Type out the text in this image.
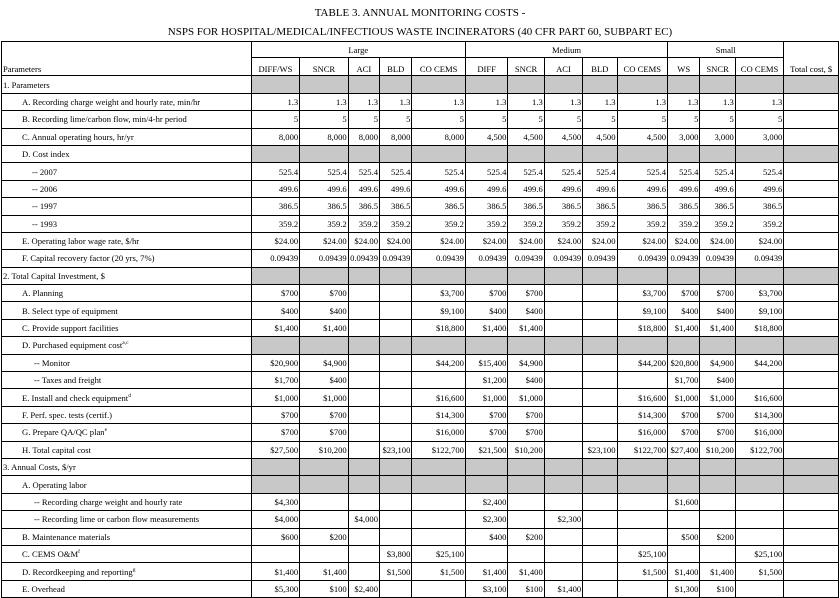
TABLE 3. ANNUAL MONITORING COSTS -
NSPS FOR HOSPITAL/MEDICAL/INFECTIOUS WASTE INCINERATORS (40 CFR PART 60, SUBPART EC)
Parameters	Large					Medium					Small			Total cost, $
	DIFF/WS	SNCR	ACI	BLD	CO CEMS	DIFF	SNCR	ACI	BLD	CO CEMS	WS	SNCR	CO CEMS	
1. Parameters														
A. Recording charge weight and hourly rate, min/hr	1.3	1.3	1.3	1.3	1.3	1.3	1.3	1.3	1.3	1.3	1.3	1.3	1.3	
B. Recording lime/carbon flow, min/4-hr period	5	5	5	5	5	5	5	5	5	5	5	5	5	
C. Annual operating hours, hr/yr	8,000	8,000	8,000	8,000	8,000	4,500	4,500	4,500	4,500	4,500	3,000	3,000	3,000	
D. Cost index														
-- 2007	525.4	525.4	525.4	525.4	525.4	525.4	525.4	525.4	525.4	525.4	525.4	525.4	525.4	
-- 2006	499.6	499.6	499.6	499.6	499.6	499.6	499.6	499.6	499.6	499.6	499.6	499.6	499.6	
-- 1997	386.5	386.5	386.5	386.5	386.5	386.5	386.5	386.5	386.5	386.5	386.5	386.5	386.5	
-- 1993	359.2	359.2	359.2	359.2	359.2	359.2	359.2	359.2	359.2	359.2	359.2	359.2	359.2	
E. Operating labor wage rate, $/hr	$24.00	$24.00	$24.00	$24.00	$24.00	$24.00	$24.00	$24.00	$24.00	$24.00	$24.00	$24.00	$24.00	
F. Capital recovery factor (20 yrs, 7%)	0.09439	0.09439	0.09439	0.09439	0.09439	0.09439	0.09439	0.09439	0.09439	0.09439	0.09439	0.09439	0.09439	
2. Total Capital Investment, $														
A. Planning	$700	$700			$3,700	$700	$700			$3,700	$700	$700	$3,700	
B. Select type of equipment	$400	$400			$9,100	$400	$400			$9,100	$400	$400	$9,100	
C. Provide support facilities	$1,400	$1,400			$18,800	$1,400	$1,400			$18,800	$1,400	$1,400	$18,800	
D. Purchased equipment cost$^{a,c}$														
-- Monitor	$20,900	$4,900			$44,200	$15,400	$4,900			$44,200	$20,800	$4,900	$44,200	
-- Taxes and freight	$1,700	$400				$1,200	$400				$1,700	$400		
E. Install and check equipment$^d$	$1,000	$1,000			$16,600	$1,000	$1,000			$16,600	$1,000	$1,000	$16,600	
F. Perf. spec. tests (certif.)	$700	$700			$14,300	$700	$700			$14,300	$700	$700	$14,300	
G. Prepare QA/QC plan$^e$	$700	$700			$16,000	$700	$700			$16,000	$700	$700	$16,000	
H. Total capital cost	$27,500	$10,200		$23,100	$122,700	$21,500	$10,200		$23,100	$122,700	$27,400	$10,200	$122,700	
3. Annual Costs, $/yr														
A. Operating labor														
-- Recording charge weight and hourly rate	$4,300					$2,400					$1,600			
-- Recording lime or carbon flow measurements	$4,000		$4,000			$2,300		$2,300						
B. Maintenance materials	$600	$200				$400	$200				$500	$200		
C. CEMS $O\&M^f$				$3,800	$25,100					$25,100			$25,100	
D. Recordkeeping and reporting$^g$	$1,400	$1,400		$1,500	$1,500	$1,400	$1,400			$1,500	$1,400	$1,400	$1,500	
E. Overhead	$5,300	$100	$2,400			$3,100	$100	$1,400			$1,300	$100		
